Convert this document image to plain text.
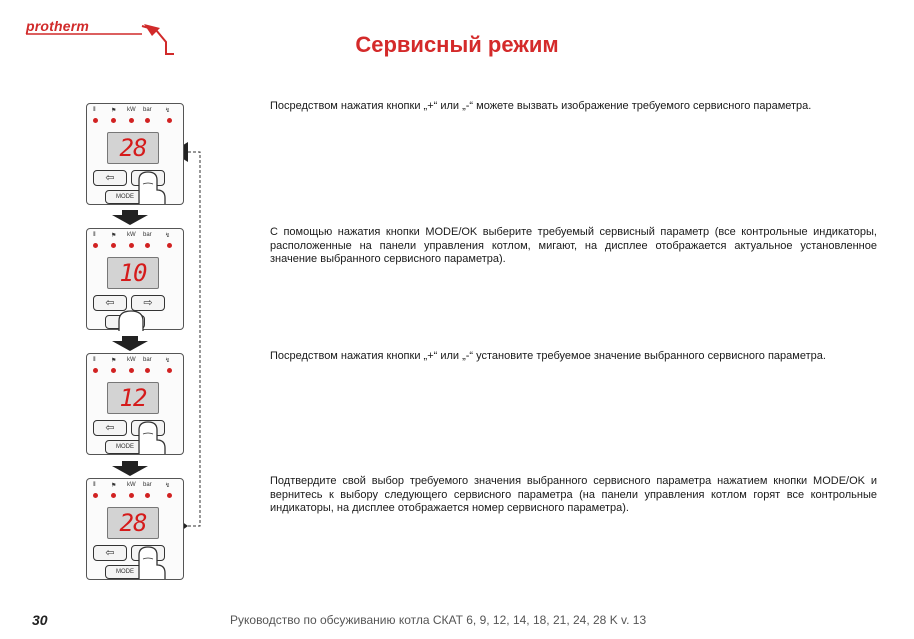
protherm
Сервисный режим
⫴	⚑ kW bar ↯
28
⇦
MODE
⫴	⚑ kW bar ↯
10
⇦	⇨
⫴	⚑ kW bar ↯
12
⇦
MODE
⫴	⚑ kW bar ↯
28
⇦
MODE
Посредством нажатия кнопки „+“ или „-“ можете вызвать изображение требуемого сервисного параметра.
С помощью нажатия кнопки MODE/OK выберите требуемый сервисный параметр (все контрольные индикаторы, расположенные на панели управления котлом, мигают, на дисплее отображается актуальное установленное значение выбранного сервисного параметра).
Посредством нажатия кнопки „+“ или „-“ установите требуемое значение выбранного сервисного параметра.
Подтвердите свой выбор требуемого значения выбранного сервисного параметра нажатием кнопки MODE/OK и вернитесь к выбору следующего сервисного параметра (на панели управления котлом горят все контрольные индикаторы, на дисплее отображается номер сервисного параметра).
30	Руководство по обсуживанию котла СКАТ 6, 9, 12, 14, 18, 21, 24, 28 K v. 13
